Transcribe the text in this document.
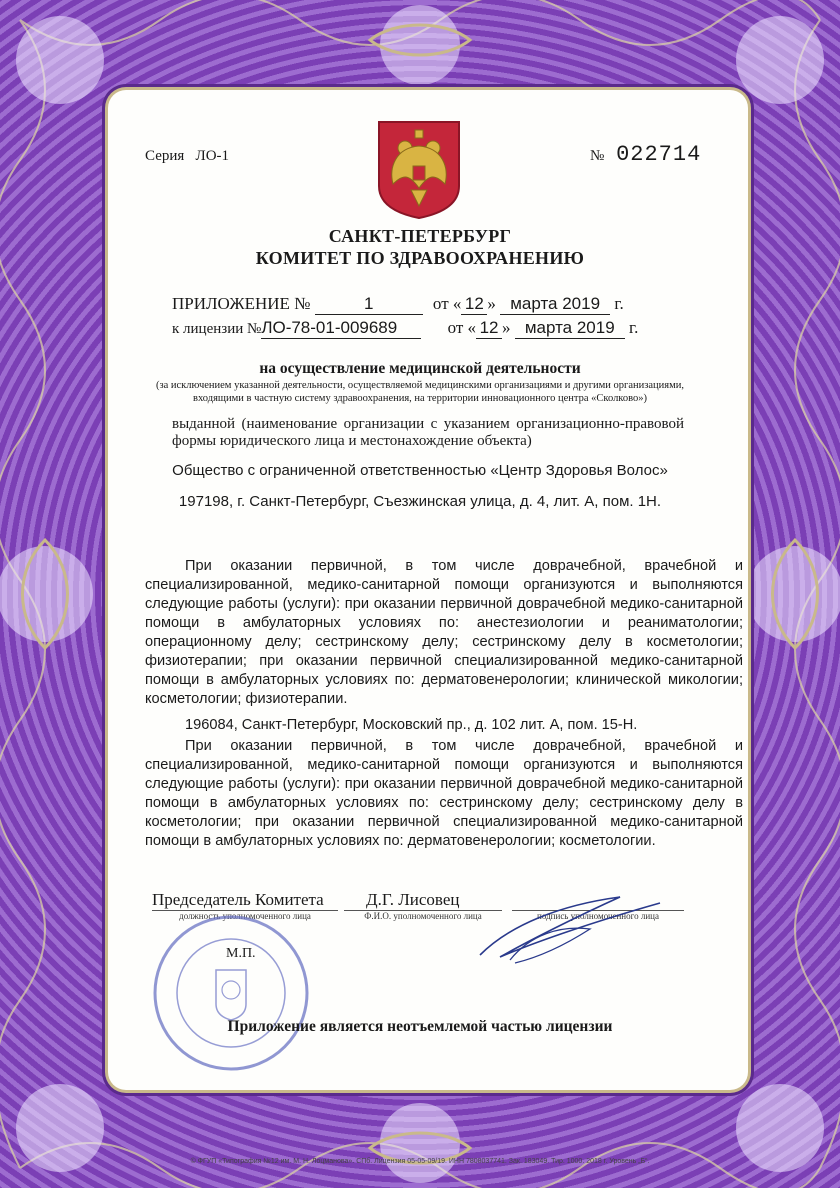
Серия ЛО-1	№ 022714
САНКТ-ПЕТЕРБУРГ
КОМИТЕТ ПО ЗДРАВООХРАНЕНИЮ
ПРИЛОЖЕНИЕ №	1	от « 12 » марта 2019 г.
к лицензии №ЛО-78-01-009689	от « 12 » марта 2019 г.
на осуществление медицинской деятельности
(за исключением указанной деятельности, осуществляемой медицинскими организациями и другими организациями, входящими в частную систему здравоохранения, на территории инновационного центра «Сколково»)
выданной (наименование организации с указанием организационно-правовой формы юридического лица и местонахождение объекта)
Общество с ограниченной ответственностью «Центр Здоровья Волос»
197198, г. Санкт-Петербург, Съезжинская улица, д. 4, лит. А, пом. 1Н.
При оказании первичной, в том числе доврачебной, врачебной и специализированной, медико-санитарной помощи организуются и выполняются следующие работы (услуги): при оказании первичной доврачебной медико-санитарной помощи в амбулаторных условиях по: анестезиологии и реаниматологии; операционному делу; сестринскому делу; сестринскому делу в косметологии; физиотерапии; при оказании первичной специализированной медико-санитарной помощи в амбулаторных условиях по: дерматовенерологии; клинической микологии; косметологии; физиотерапии.
196084, Санкт-Петербург, Московский пр., д. 102 лит. А, пом. 15-Н.
При оказании первичной, в том числе доврачебной, врачебной и специализированной, медико-санитарной помощи организуются и выполняются следующие работы (услуги): при оказании первичной доврачебной медико-санитарной помощи в амбулаторных условиях по: сестринскому делу; сестринскому делу в косметологии; при оказании первичной специализированной медико-санитарной помощи в амбулаторных условиях по: дерматовенерологии; косметологии.
Председатель Комитета Д.Г. Лисовец
должность уполномоченного лица	Ф.И.О. уполномоченного лица	подпись уполномоченного лица
М.П.
Приложение является неотъемлемой частью лицензии
© ФГУП «Типография №12 им. М. Н. Лоцманова». СПб. Лицензия 05-05-09/19. ИНН 7808037741. Зак. 183049. Тир. 1000. 2018 г. Уровень „Б“.
